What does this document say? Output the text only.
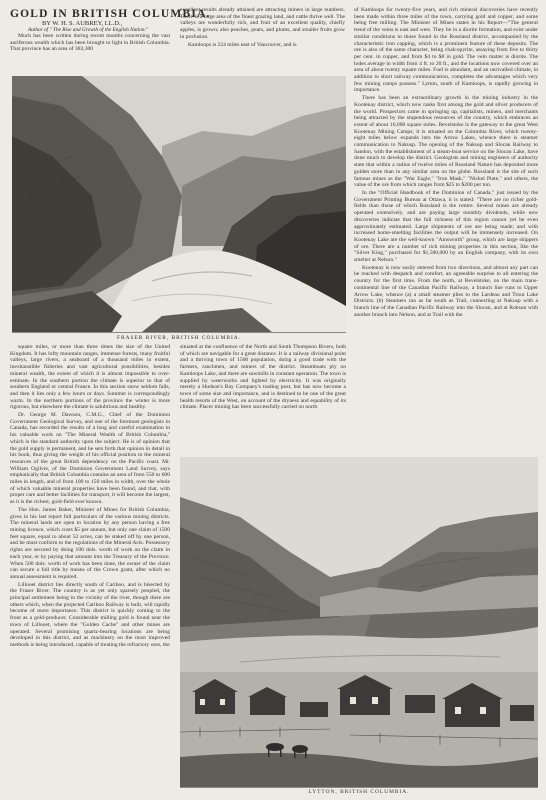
GOLD IN BRITISH COLUMBIA.
BY W. H. S. AUBREY, LL.D.,
Author of " The Rise and Growth of the English Nation."

Much has been written during recent months concerning the vast auriferous wealth which has been brought to light in British Columbia. That province has an area of 383,300

excellent results already attained are attracting miners in large numbers. There is a large area of the finest grazing land, and cattle thrive well. The valleys are wonderfully rich, and fruit of an excellent quality, chiefly apples, is grown; also peaches, pears, and plums, and smaller fruits grow in profusion.

Kamloops is 224 miles east of Vancouver, and is

of Kamloops for twenty-five years, and rich mineral discoveries have recently been made within three miles of the town, carrying gold and copper, and some being free milling. The Minister of Mines states in his Report—"The general trend of the veins is east and west. They lie in a diorite formation, and exist under similar conditions to those found in the Rossland district, accompanied by the characteristic iron capping, which is a prominent feature of these deposits. The ore is also of the same character, being chalcopyrite, assaying from five to thirty per cent. in copper, and from $4 to $8 in gold. The vein matter is diorite. The lodes average in width from 4 ft. to 20 ft., and the locations now covered over an area of about twenty square miles. Fuel is abundant, and an unrivalled climate, in addition to short railway communication, completes the advantages which very few mining camps possess." Lytton, south of Kamloops, is rapidly growing in importance.

There has been an extraordinary growth in the mining industry in the Kootenay district, which now ranks first among the gold and silver producers of the world. Prospectors came in springing up, capitalists, miners, and merchants being attracted by the stupendous resources of the country, which embraces an extent of about 16,000 square miles. Revelstoke is the gateway to the great West Kootenay Mining Camps; it is situated on the Columbia River, which twenty-eight miles below expands into the Arrow Lakes, whence there is steamer communication to Nakusp. The opening of the Nakusp and Slocan Railway to Sandon, with the establishment of a steam-boat service on the Slocan Lake, have done much to develop the district. Geologists and mining engineers of authority state that within a radius of twelve miles of Rossland Nature has deposited more golden store than in any similar area on the globe. Rossland is the site of such famous mines as the "War Eagle," "Iron Mask," "Nickel Plate," and others, the value of the ore from which ranges from $25 to $200 per ton.

In the "Official Handbook of the Dominion of Canada," just issued by the Government Printing Bureau at Ottawa, it is stated: "There are no richer gold-fields than those of which Rossland is the centre. Several mines are already operated extensively, and are paying large monthly dividends, while new discoveries indicate that the full richness of this region cannot yet be even approximately estimated. Large shipments of ore are being made; and with increased home-smelting facilities the output will be immensely increased. On Kootenay Lake are the well-known "Ainsworth" group, which are large shippers of ore. There are a number of rich mining properties in this section, like the "Silver King," purchased for $1,500,000 by an English company, with its own smelter at Nelson."

Kootenay is now easily entered from two directions, and almost any part can be reached with despatch and comfort, an agreeable surprise to all entering the country for the first time. From the north, at Revelstoke, on the main trans-continental line of the Canadian Pacific Railway, a branch line runs to Upper Arrow Lake, whence (a) a small steamer plies to the Lardeau and Trout Lake Districts. (b) Steamers run as far south as Trail, connecting at Nakusp with a branch line of the Canadian Pacific Railway into the Slocan, and at Robson with another branch into Nelson, and at Trail with the

FRASER RIVER, BRITISH COLUMBIA.

square miles, or more than three times the size of the United Kingdom. It has lofty mountain ranges, immense forests, many fruitful valleys, large rivers, a seaboard of a thousand miles in extent, inexhaustible fisheries and vast agricultural possibilities, besides mineral wealth, the extent of which it is almost impossible to over-estimate. In the southern portion the climate is superior to that of southern England or central France. In this section snow seldom falls, and then it lies only a few hours or days. Summer is correspondingly warm. In the northern portions of the province the winter is more rigorous, but elsewhere the climate is salubrious and healthy.

Dr. George M. Dawson, C.M.G., Chief of the Dominion Government Geological Survey, and one of the foremost geologists in Canada, has recorded the results of a long and careful examination in his valuable work on "The Mineral Wealth of British Columbia," which is the standard authority upon the subject. He is of opinion that the gold supply is permanent, and he sets forth that opinion in detail in his book, thus giving the weight of his official position to the mineral resources of the great British dependency on the Pacific coast. Mr. William Ogilvie, of the Dominion Government Land Survey, says emphatically that British Columbia contains an area of from 550 to 600 miles in length, and of from 100 to 150 miles in width, over the whole of which valuable mineral properties have been found, and that, with proper care and better facilities for transport, it will become the largest, as it is the richest, gold-field ever known.

The Hon. James Baker, Minister of Mines for British Columbia, gives in his last report full particulars of the various mining districts. The mineral lands are open to location by any person having a free mining licence, which costs $5 per annum, but only one claim of 1500 feet square, equal to about 52 acres, can be staked off by one person, and he must conform to the regulations of the Mineral Acts. Possessory rights are secured by doing 100 dols. worth of work on the claim in each year, or by paying that amount into the Treasury of the Province. When 500 dols. worth of work has been done, the owner of the claim can secure a full title by means of the Crown grant, after which no annual assessment is required.

Lillooet district lies directly south of Cariboo, and is bisected by the Fraser River. The country is as yet only sparsely peopled, the principal settlement being in the vicinity of the river, though there are others which, when the projected Cariboo Railway is built, will rapidly become of more importance. This district is quickly coming to the front as a gold-producer. Considerable milling gold is found near the town of Lillooet, where the "Golden Cache" and other mines are operated. Several promising quartz-bearing locations are being developed in this district, and as machinery on the most improved methods is being introduced, capable of treating the refractory ores, the

situated at the confluence of the North and South Thompson Rivers, both of which are navigable for a great distance. It is a railway divisional point and a thriving town of 1500 population, doing a good trade with the farmers, ranchmen, and miners of the district. Steamboats ply on Kamloops Lake, and there are sawmills in constant operation. The town is supplied by waterworks and lighted by electricity. It was originally merely a Hudson's Bay Company's trading post, but has now become a town of some size and importance, and is destined to be one of the great health resorts of the West, on account of the dryness and equability of its climate. Placer mining has been successfully carried on north

LYTTON, BRITISH COLUMBIA.
